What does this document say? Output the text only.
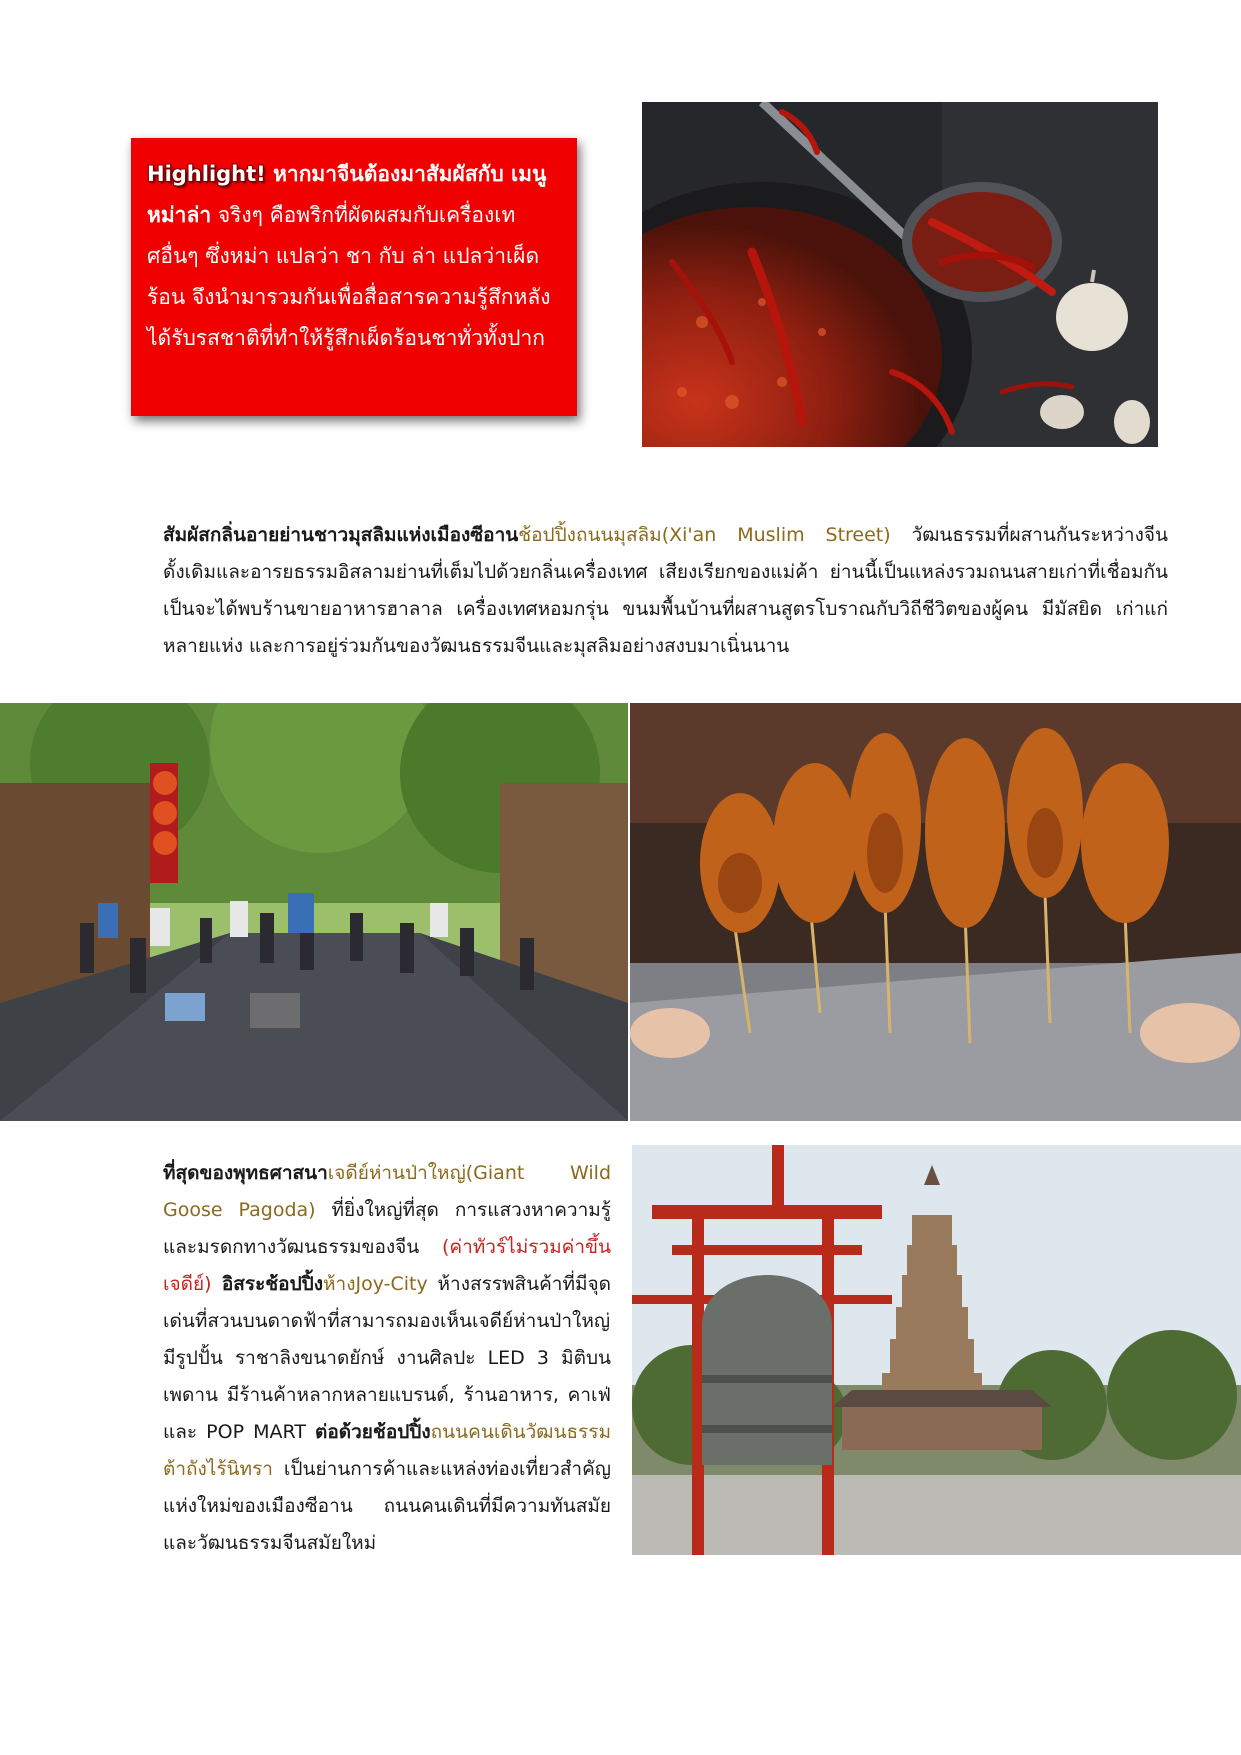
Highlight! หากมาจีนต้องมาสัมผัสกับ เมนูหม่าล่า จริงๆ คือพริกที่ผัดผสมกับเครื่องเทศอื่นๆ ซึ่งหม่า แปลว่า ชา กับ ล่า แปลว่าเผ็ดร้อน จึงนำมารวมกันเพื่อสื่อสารความรู้สึกหลังได้รับรสชาติที่ทำให้รู้สึกเผ็ดร้อนชาทั่วทั้งปาก
สัมผัสกลิ่นอายย่านชาวมุสลิมแห่งเมืองซีอานช้อปปิ้งถนนมุสลิม(Xi'an Muslim Street) วัฒนธรรมที่ผสานกันระหว่างจีนดั้งเดิมและอารยธรรมอิสลามย่านที่เต็มไปด้วยกลิ่นเครื่องเทศ เสียงเรียกของแม่ค้า ย่านนี้เป็นแหล่งรวมถนนสายเก่าที่เชื่อมกันเป็นจะได้พบร้านขายอาหารฮาลาล เครื่องเทศหอมกรุ่น ขนมพื้นบ้านที่ผสานสูตรโบราณกับวิถีชีวิตของผู้คน มีมัสยิด เก่าแก่หลายแห่ง และการอยู่ร่วมกันของวัฒนธรรมจีนและมุสลิมอย่างสงบมาเนิ่นนาน
ที่สุดของพุทธศาสนาเจดีย์ห่านป่าใหญ่(Giant Wild Goose Pagoda) ที่ยิ่งใหญ่ที่สุด การแสวงหาความรู้ และมรดกทางวัฒนธรรมของจีน (ค่าทัวร์ไม่รวมค่าขึ้นเจดีย์) อิสระช้อปปิ้งห้างJoy-City ห้างสรรพสินค้าที่มีจุดเด่นที่สวนบนดาดฟ้าที่สามารถมองเห็นเจดีย์ห่านป่าใหญ่ มีรูปปั้น ราชาลิงขนาดยักษ์ งานศิลปะ LED 3 มิติบนเพดาน มีร้านค้าหลากหลายแบรนด์, ร้านอาหาร, คาเฟ่ และ POP MART ต่อด้วยช้อปปิ้งถนนคนเดินวัฒนธรรมต้าถังไร้นิทรา เป็นย่านการค้าและแหล่งท่องเที่ยวสำคัญแห่งใหม่ของเมืองซีอาน ถนนคนเดินที่มีความทันสมัยและวัฒนธรรมจีนสมัยใหม่
